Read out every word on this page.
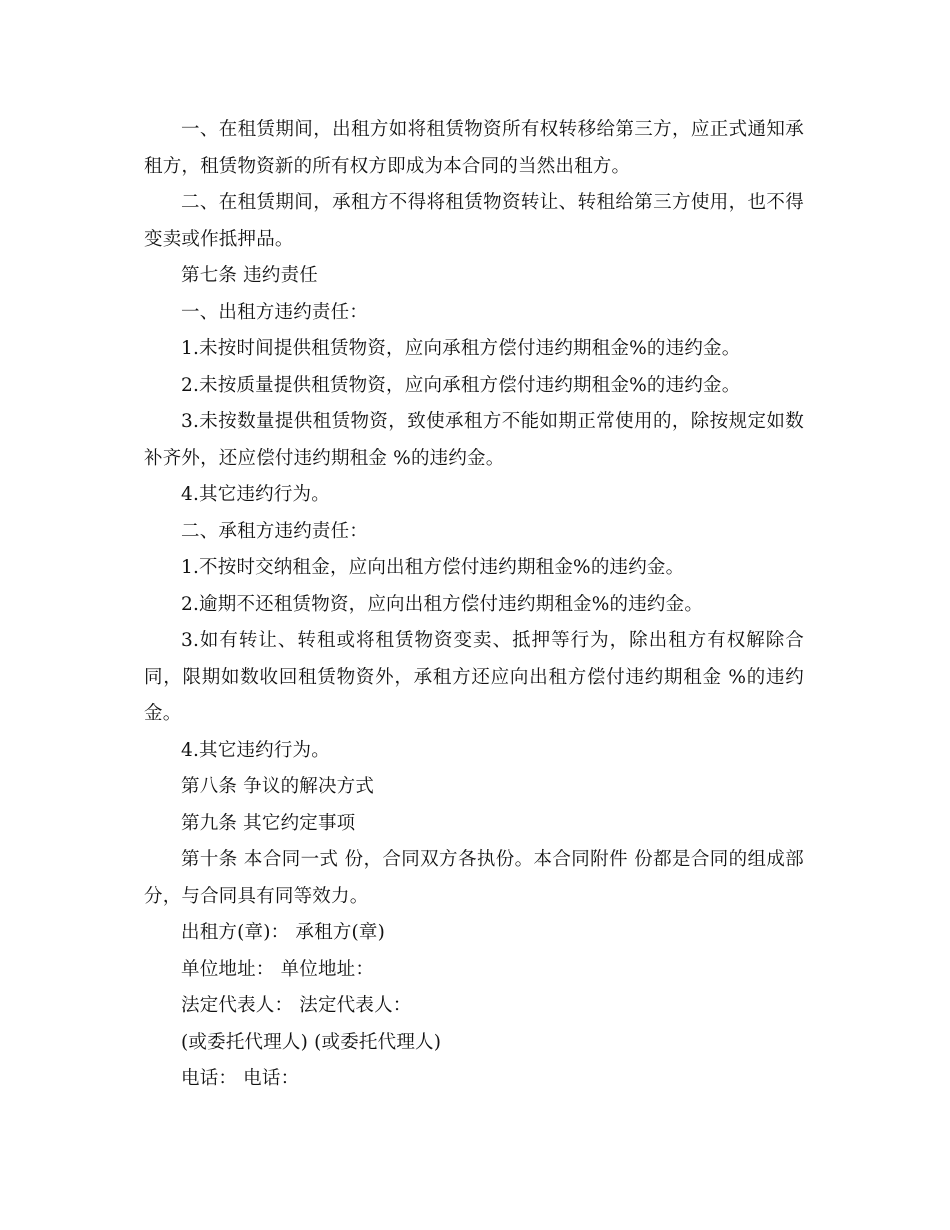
一、在租赁期间，出租方如将租赁物资所有权转移给第三方，应正式通知承租方，租赁物资新的所有权方即成为本合同的当然出租方。

二、在租赁期间，承租方不得将租赁物资转让、转租给第三方使用，也不得变卖或作抵押品。

第七条 违约责任

一、出租方违约责任：

1.未按时间提供租赁物资，应向承租方偿付违约期租金%的违约金。

2.未按质量提供租赁物资，应向承租方偿付违约期租金%的违约金。

3.未按数量提供租赁物资，致使承租方不能如期正常使用的，除按规定如数补齐外，还应偿付违约期租金 %的违约金。

4.其它违约行为。

二、承租方违约责任：

1.不按时交纳租金，应向出租方偿付违约期租金%的违约金。

2.逾期不还租赁物资，应向出租方偿付违约期租金%的违约金。

3.如有转让、转租或将租赁物资变卖、抵押等行为，除出租方有权解除合同，限期如数收回租赁物资外，承租方还应向出租方偿付违约期租金 %的违约金。

4.其它违约行为。

第八条 争议的解决方式

第九条 其它约定事项

第十条 本合同一式 份，合同双方各执份。本合同附件 份都是合同的组成部分，与合同具有同等效力。

出租方(章)： 承租方(章)

单位地址： 单位地址：

法定代表人： 法定代表人：

(或委托代理人) (或委托代理人)

电话： 电话：
